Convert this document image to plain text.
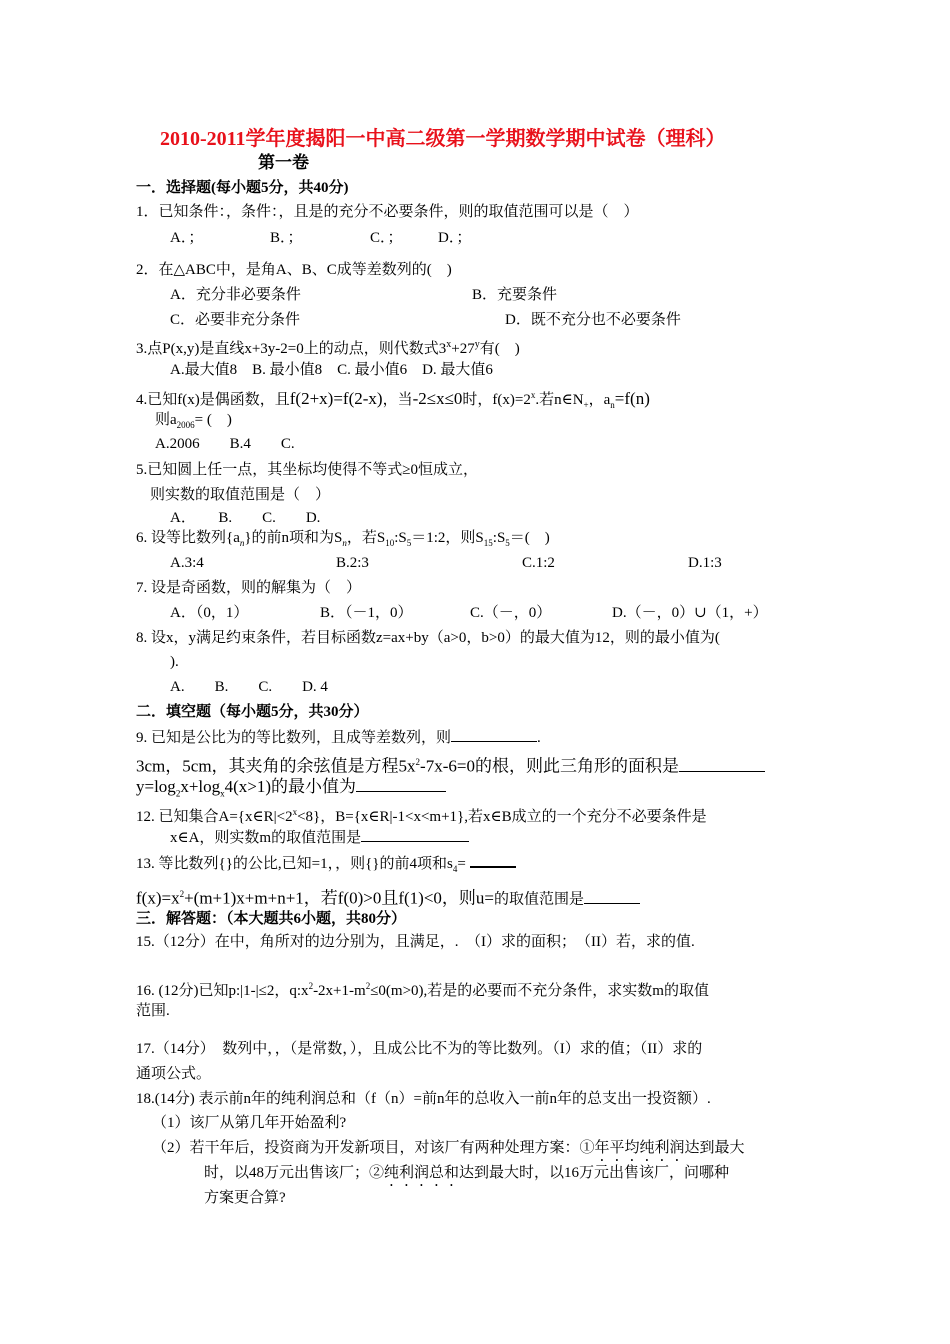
2010-2011学年度揭阳一中高二级第一学期数学期中试卷（理科）
第一卷
一．选择题(每小题5分，共40分)
1．已知条件：，条件：，且是的充分不必要条件，则的取值范围可以是（　）
A．；	B．；	C．； D．；
2．在△ABC中，是角A、B、C成等差数列的(　)
A．充分非必要条件	B．充要条件
C．必要非充分条件	D．既不充分也不必要条件
3.点P(x,y)是直线x+3y-2=0上的动点，则代数式$3^x+27^y$有(　)
A.最大值8　B. 最小值8　C. 最小值6　D. 最大值6
4.已知f(x)是偶函数，且f(2+x)=f(2-x)，当-2≤x≤0时，$f(x)=2^x$.若$n\in N_+$，$a_n=f(n)$
则$a_{2006}=$ (　)
A.2006　　B.4　　C.
5.已知圆上任一点，其坐标均使得不等式≥0恒成立，
则实数的取值范围是（　）
A．　　B.　　C.　　D.
6. 设等比数列$\{a_n\}$的前n项和为$S_n$，若$S_{10}:S_5=1:2$，则$S_{15}:S_5=$(　)
A.3:4	B.2:3	C.1:2	D.1:3
7. 设是奇函数，则的解集为（　）
A．（0，1）	B．（－1，0）	C.（－，0）	D.（－，0）∪（1，+）
8. 设x，y满足约束条件，若目标函数z=ax+by（a>0，b>0）的最大值为12，则的最小值为(
).
A.　　B.　　C.　　D. 4
二．填空题（每小题5分，共30分）
9. 已知是公比为的等比数列，且成等差数列，则	.
3cm，5cm，其夹角的余弦值是方程$5x^2-7x-6=0$的根，则此三角形的面积是
$y=\log_2x+\log_x4(x>1)$的最小值为
12. 已知集合$A=\{x\in R|<2^x<8\}$，B={x∈R|-1<x<m+1},若x∈B成立的一个充分不必要条件是
x∈A，则实数m的取值范围是
13. 等比数列{}的公比,已知=1，，则{}的前4项和$s_4=$
$f(x)=x^2+(m+1)x+m+n+1$，若f(0)>0且f(1)<0，则u=的取值范围是
三．解答题：（本大题共6小题，共80分）
15.（12分）在中，角所对的边分别为，且满足，.　（I）求的面积；　（II）若，求的值.
16. (12分)已知p:|1-|≤2，$q:x^2-2x+1-m^2\le 0(m>0)$,若是的必要而不充分条件，求实数m的取值
范围.
17.（14分）　数列中，，（是常数，），且成公比不为的等比数列。（I）求的值；（II）求的
通项公式。
18.(14分) 表示前n年的纯利润总和（f（n）=前n年的总收入一前n年的总支出一投资额）.
（1）该厂从第几年开始盈利?
（2）若干年后，投资商为开发新项目，对该厂有两种处理方案：①年平均纯利润达到最大
时，以48万元出售该厂；②纯利润总和达到最大时，以16万元出售该厂，问哪种
方案更合算?
